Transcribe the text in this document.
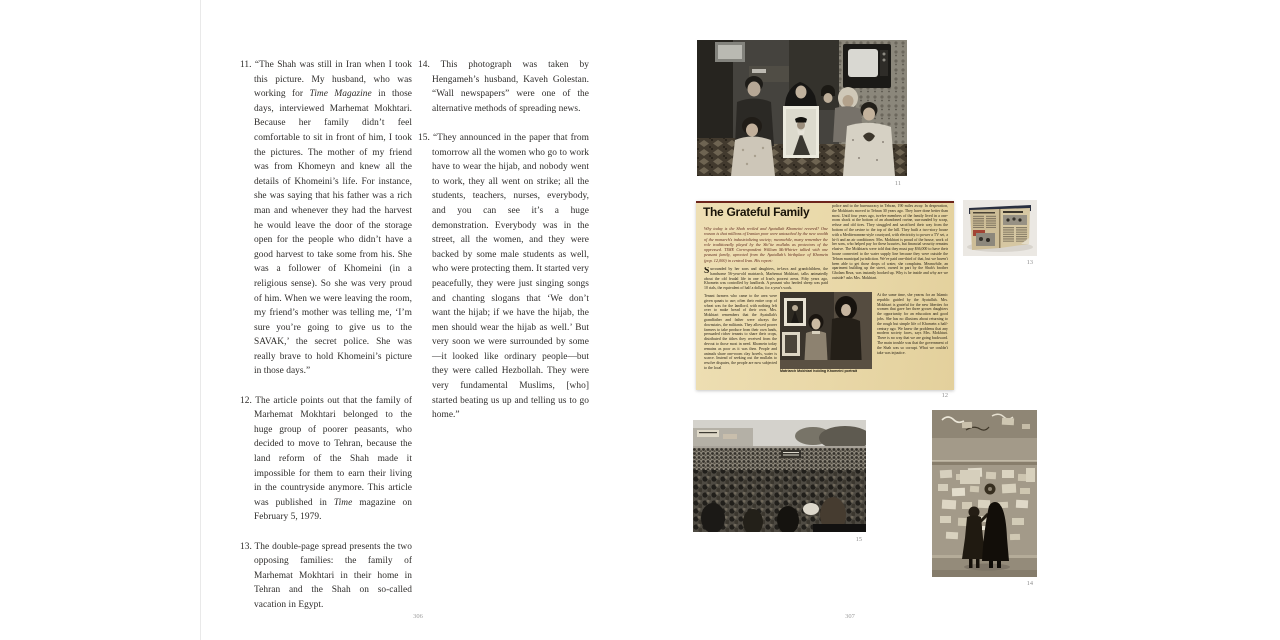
11. “The Shah was still in Iran when I took this picture. My husband, who was working for Time Magazine in those days, interviewed Marhemat Mokhtari. Because her family didn’t feel comfortable to sit in front of him, I took the pictures. The mother of my friend was from Khomeyn and knew all the details of Khomeini’s life. For instance, she was saying that his father was a rich man and whenever they had the harvest he would leave the door of the storage open for the people who didn’t have a good harvest to take some from his. She was a follower of Khomeini (in a religious sense). So she was very proud of him. When we were leaving the room, my friend’s mother was telling me, ‘I’m sure you’re going to give us to the SAVAK,’ the secret police. She was really brave to hold Khomeini’s picture in those days.”

12. The article points out that the family of Marhemat Mokhtari belonged to the huge group of poorer peasants, who decided to move to Tehran, because the land reform of the Shah made it impossible for them to earn their living in the countryside anymore. This article was published in Time magazine on February 5, 1979.

13. The double-page spread presents the two opposing families: the family of Marhemat Mokhtari in their home in Tehran and the Shah on so-called vacation in Egypt.

14. This photograph was taken by Hengameh’s husband, Kaveh Golestan. “Wall newspapers” were one of the alternative methods of spreading news.

15. “They announced in the paper that from tomorrow all the women who go to work have to wear the hijab, and nobody went to work, they all went on strike; all the students, teachers, nurses, everybody, and you can see it’s a huge demonstration. Everybody was in the street, all the women, and they were backed by some male students as well, who were protecting them. It started very peacefully, they were just singing songs and chanting slogans that ‘We don’t want the hijab; if we have the hijab, the men should wear the hijab as well.’ But very soon we were surrounded by some—it looked like ordinary people—but they were called Hezbollah. They were very fundamental Muslims, [who] started beating us up and telling us to go home.”

306	307
11
The Grateful Family
Why today is the Shah reviled and Ayatullah Khomeini revered? One reason is that millions of Iranian poor were untouched by the new wealth of the monarch’s industrializing society; meanwhile, many remember the role traditionally played by the Shi’ite mullahs as protectors of the oppressed. TIME Correspondent William McWhirter talked with one peasant family, uprooted from the Ayatullah’s birthplace of Khomein (pop. 12,000) in central Iran. His report:
Surrounded by her sons and daughters, in-laws and grandchildren, the handsome 56-year-old matriarch, Marhemat Mokhtari, talks animatedly about the old feudal life in one of Iran's poorest areas. Fifty years ago, Khomein was controlled by landlords. A peasant who herded sheep was paid 10 rials, the equivalent of half a dollar, for a year's work.
Tenant farmers who came to the area were given qanats to use; often their entire crop of wheat was for the landlord, with nothing left over to make bread of their own. Mrs. Mokhtari remembers that the Ayatullah's grandfather and father were always the downstairs, the militants. They allowed poorer farmers to take produce from their own lands, persuaded richer tenants to share their crops, distributed the tithes they received from the devout to those most in need. Khomein today remains as poor as it was then. People and animals share one-room clay hovels, water is scarce. Instead of seeking out the mullahs to resolve disputes, the people are now subjected to the local
police and to the bureaucracy in Tehran, 190 miles away. In desperation, the Mokhtaris moved to Tehran 30 years ago. They have done better than most. Until four years ago, twelve members of the family lived in a one-room shack at the bottom of an abandoned ravine, surrounded by scrap, refuse and old tires. They struggled and sacrificed their way from the bottom of the ravine to the top of the hill. They built a two-story house with a Mediterranean-style courtyard, with electricity to power a TV set, a hi-fi and an air conditioner. Mrs. Mokhtari is proud of the house, work of her sons, who helped pay for these luxuries, but financial security remains elusive. The Mokhtaris were told that they must pay $36,000 to have their house connected to the water supply line because they were outside the Tehran municipal jurisdiction. We've paid one-third of that, but we haven't been able to get those drops of water, she complains. Meanwhile, an apartment building up the street, owned in part by the Shah's brother Gholam Reza, was instantly hooked up. Why is he inside and why are we outside? asks Mrs. Mokhtari.
At the same time, she yearns for an Islamic republic guided by the Ayatullah. Mrs. Mokhtari is grateful for the new liberties for women that gave her three grown daughters the opportunity for an education and good jobs. She has no illusions about returning to the rough but simple life of Khomein a half-century ago. We knew the problems that any modern society faces, says Mrs. Mokhtari. There is no way that we are going backward. The main trouble was that the government of the Shah was so corrupt. What we couldn't take was injustice.
Matriarch Mokhtari holding Khomeini portrait
12
13
15
14
